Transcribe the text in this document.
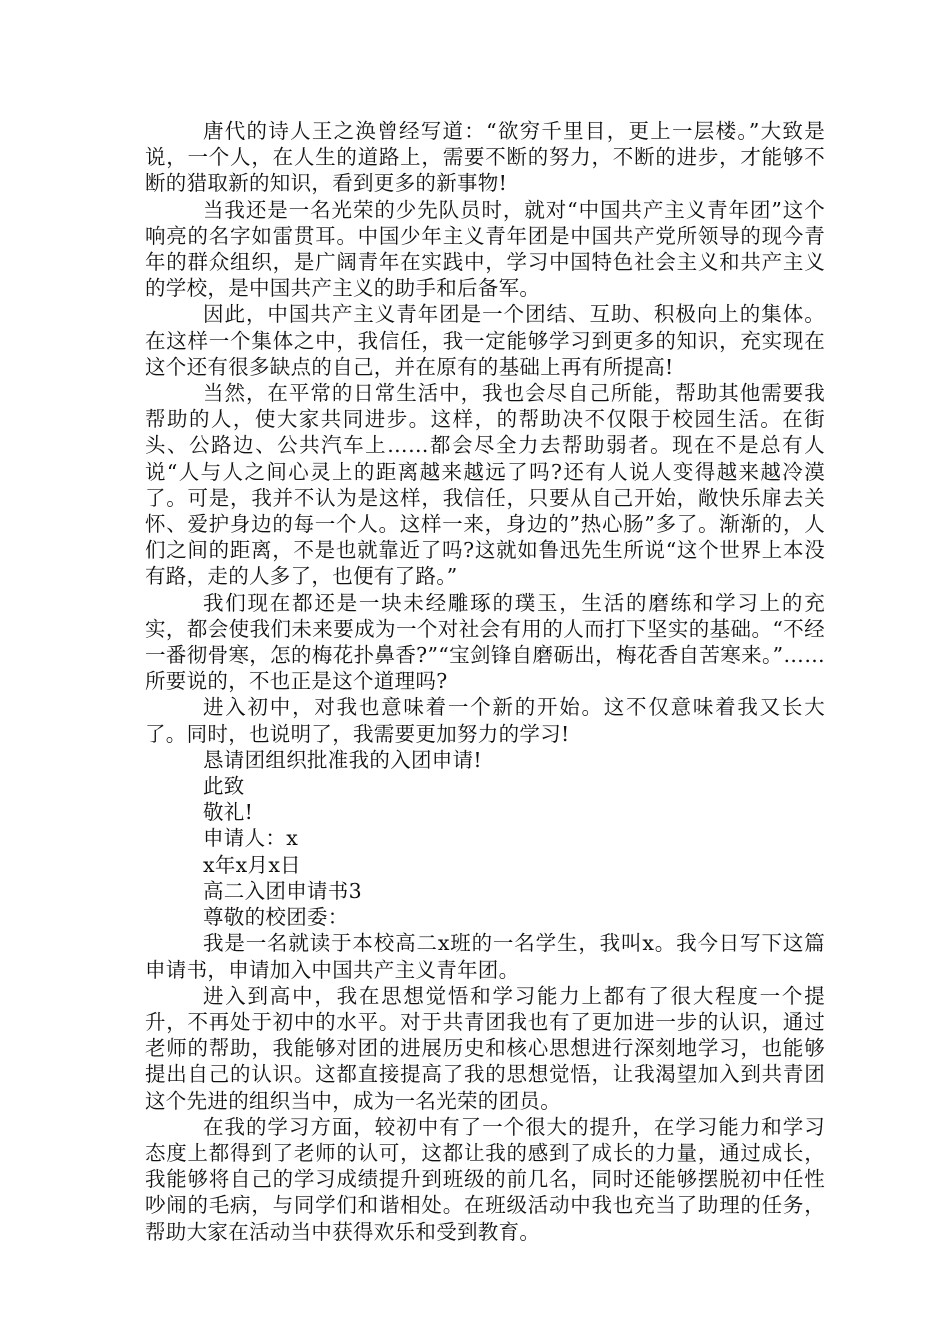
唐代的诗人王之涣曾经写道：“欲穷千里目，更上一层楼。”大致是说，一个人，在人生的道路上，需要不断的努力，不断的进步，才能够不断的猎取新的知识，看到更多的新事物!

当我还是一名光荣的少先队员时，就对“中国共产主义青年团”这个响亮的名字如雷贯耳。中国少年主义青年团是中国共产党所领导的现今青年的群众组织，是广阔青年在实践中，学习中国特色社会主义和共产主义的学校，是中国共产主义的助手和后备军。

因此，中国共产主义青年团是一个团结、互助、积极向上的集体。在这样一个集体之中，我信任，我一定能够学习到更多的知识，充实现在这个还有很多缺点的自己，并在原有的基础上再有所提高!

当然，在平常的日常生活中，我也会尽自己所能，帮助其他需要我帮助的人，使大家共同进步。这样，的帮助决不仅限于校园生活。在街头、公路边、公共汽车上……都会尽全力去帮助弱者。现在不是总有人说“人与人之间心灵上的距离越来越远了吗?还有人说人变得越来越冷漠了。可是，我并不认为是这样，我信任，只要从自己开始，敞快乐扉去关怀、爱护身边的每一个人。这样一来，身边的”热心肠”多了。渐渐的，人们之间的距离，不是也就靠近了吗?这就如鲁迅先生所说“这个世界上本没有路，走的人多了，也便有了路。”

我们现在都还是一块未经雕琢的璞玉，生活的磨练和学习上的充实，都会使我们未来要成为一个对社会有用的人而打下坚实的基础。“不经一番彻骨寒，怎的梅花扑鼻香?”“宝剑锋自磨砺出，梅花香自苦寒来。”……所要说的，不也正是这个道理吗?

进入初中，对我也意味着一个新的开始。这不仅意味着我又长大了。同时，也说明了，我需要更加努力的学习!

恳请团组织批准我的入团申请!

此致

敬礼!

申请人：x

x年x月x日

高二入团申请书3

尊敬的校团委：

我是一名就读于本校高二x班的一名学生，我叫x。我今日写下这篇申请书，申请加入中国共产主义青年团。

进入到高中，我在思想觉悟和学习能力上都有了很大程度一个提升，不再处于初中的水平。对于共青团我也有了更加进一步的认识，通过老师的帮助，我能够对团的进展历史和核心思想进行深刻地学习，也能够提出自己的认识。这都直接提高了我的思想觉悟，让我渴望加入到共青团这个先进的组织当中，成为一名光荣的团员。

在我的学习方面，较初中有了一个很大的提升，在学习能力和学习态度上都得到了老师的认可，这都让我的感到了成长的力量，通过成长，我能够将自己的学习成绩提升到班级的前几名，同时还能够摆脱初中任性吵闹的毛病，与同学们和谐相处。在班级活动中我也充当了助理的任务，帮助大家在活动当中获得欢乐和受到教育。
